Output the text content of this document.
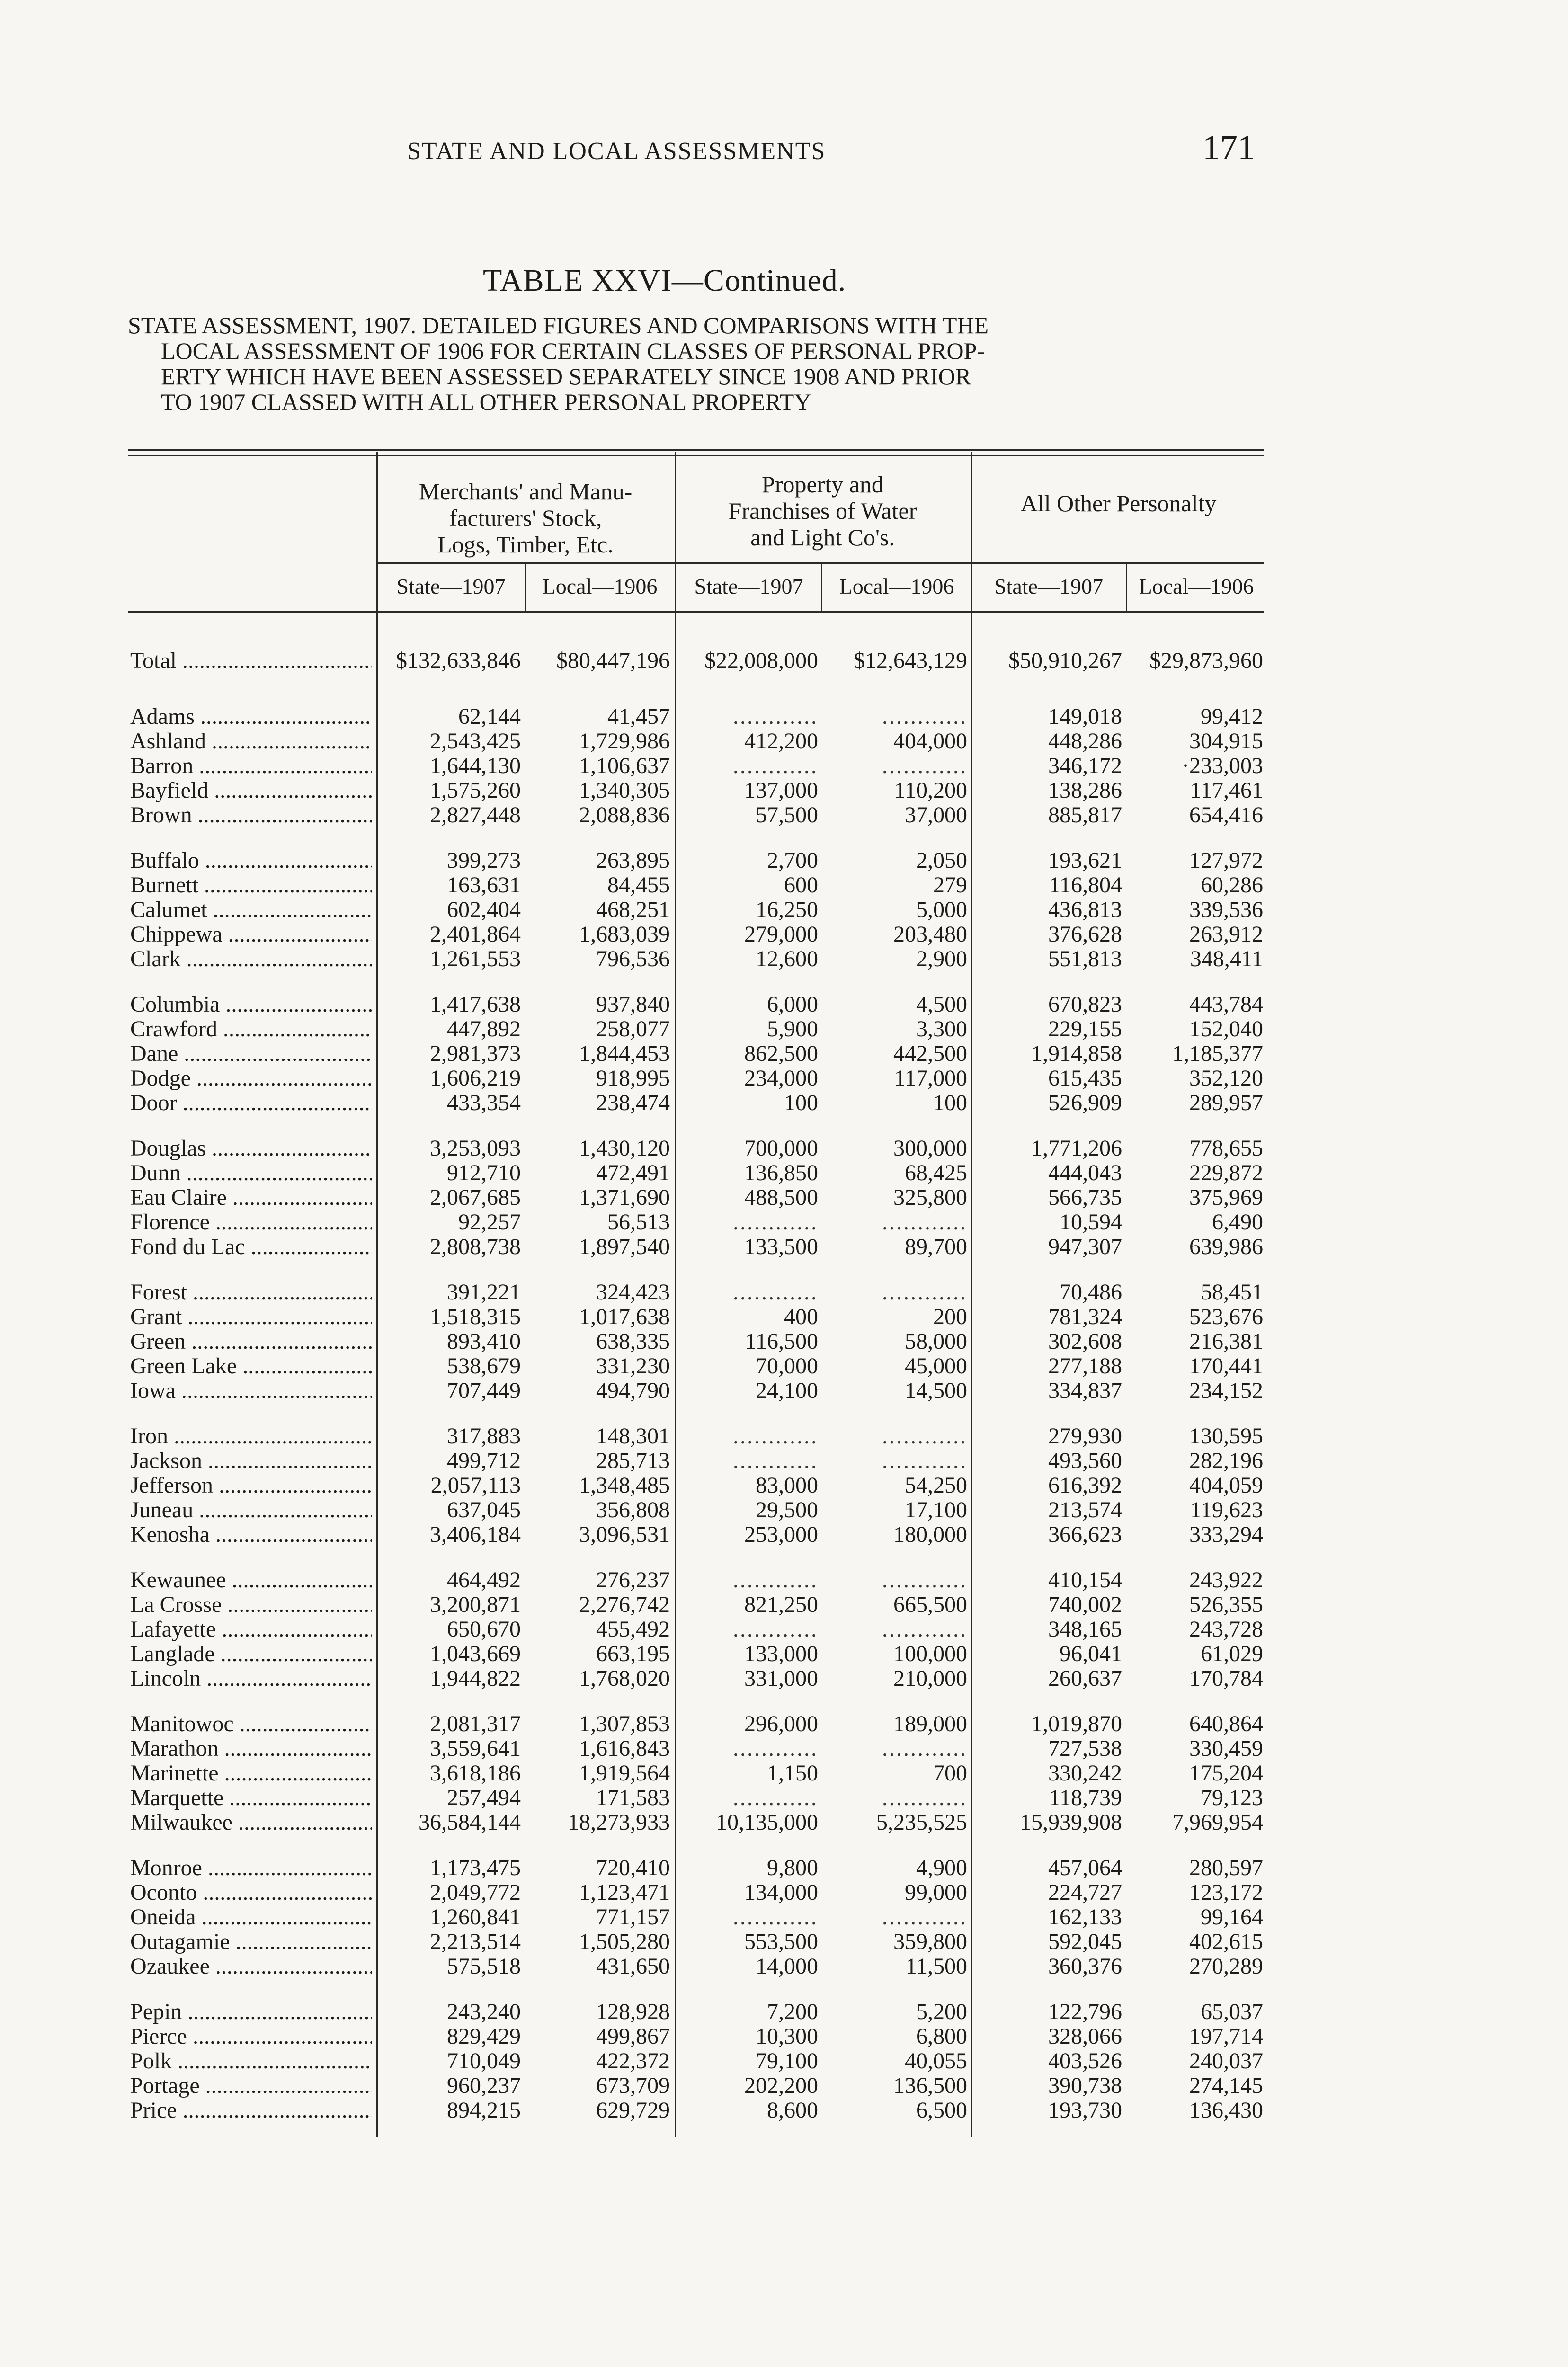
STATE AND LOCAL ASSESSMENTS	171
TABLE XXVI—Continued.
STATE ASSESSMENT, 1907. DETAILED FIGURES AND COMPARISONS WITH THE
LOCAL ASSESSMENT OF 1906 FOR CERTAIN CLASSES OF PERSONAL PROP-
ERTY WHICH HAVE BEEN ASSESSED SEPARATELY SINCE 1908 AND PRIOR
TO 1907 CLASSED WITH ALL OTHER PERSONAL PROPERTY
Merchants' and Manu-
facturers' Stock,
Logs, Timber, Etc.
Property and
Franchises of Water
and Light Co's.
All Other Personalty
State—1907	Local—1906	State—1907	Local—1906	State—1907	Local—1906
Total .....	$132,633,846 $80,447,196 $22,008,000 $12,643,129 $50,910,267 $29,873,960
Adams .....	62,144	41,457	............	............	149,018	99,412
Ashland .....	2,543,425	1,729,986	412,200	404,000	448,286	304,915
Barron .....	1,644,130	1,106,637	............	............	346,172	·233,003
Bayfield .....	1,575,260	1,340,305	137,000	110,200	138,286	117,461
Brown .....	2,827,448	2,088,836	57,500	37,000	885,817	654,416
Buffalo .....	399,273	263,895	2,700	2,050	193,621	127,972
Burnett .....	163,631	84,455	600	279	116,804	60,286
Calumet .....	602,404	468,251	16,250	5,000	436,813	339,536
Chippewa .....	2,401,864	1,683,039	279,000	203,480	376,628	263,912
Clark .....	1,261,553	796,536	12,600	2,900	551,813	348,411
Columbia .....	1,417,638	937,840	6,000	4,500	670,823	443,784
Crawford .....	447,892	258,077	5,900	3,300	229,155	152,040
Dane .....	2,981,373	1,844,453	862,500	442,500	1,914,858 1,185,377
Dodge .....	1,606,219	918,995	234,000	117,000	615,435	352,120
Door .....	433,354	238,474	100	100	526,909	289,957
Douglas .....	3,253,093	1,430,120	700,000	300,000	1,771,206	778,655
Dunn .....	912,710	472,491	136,850	68,425	444,043	229,872
Eau Claire .....	2,067,685	1,371,690	488,500	325,800	566,735	375,969
Florence .....	92,257	56,513	............	............	10,594	6,490
Fond du Lac .....	2,808,738	1,897,540	133,500	89,700	947,307	639,986
Forest .....	391,221	324,423	............	............	70,486	58,451
Grant .....	1,518,315	1,017,638	400	200	781,324	523,676
Green .....	893,410	638,335	116,500	58,000	302,608	216,381
Green Lake .....	538,679	331,230	70,000	45,000	277,188	170,441
Iowa .....	707,449	494,790	24,100	14,500	334,837	234,152
Iron .....	317,883	148,301	............	............	279,930	130,595
Jackson .....	499,712	285,713	............	............	493,560	282,196
Jefferson .....	2,057,113	1,348,485	83,000	54,250	616,392	404,059
Juneau .....	637,045	356,808	29,500	17,100	213,574	119,623
Kenosha .....	3,406,184	3,096,531	253,000	180,000	366,623	333,294
Kewaunee .....	464,492	276,237	............	............	410,154	243,922
La Crosse .....	3,200,871	2,276,742	821,250	665,500	740,002	526,355
Lafayette .....	650,670	455,492	............	............	348,165	243,728
Langlade .....	1,043,669	663,195	133,000	100,000	96,041	61,029
Lincoln .....	1,944,822	1,768,020	331,000	210,000	260,637	170,784
Manitowoc .....	2,081,317	1,307,853	296,000	189,000	1,019,870	640,864
Marathon .....	3,559,641	1,616,843	............	............	727,538	330,459
Marinette .....	3,618,186	1,919,564	1,150	700	330,242	175,204
Marquette .....	257,494	171,583	............	............	118,739	79,123
Milwaukee .....	36,584,144 18,273,933 10,135,000	5,235,525 15,939,908 7,969,954
Monroe .....	1,173,475	720,410	9,800	4,900	457,064	280,597
Oconto .....	2,049,772	1,123,471	134,000	99,000	224,727	123,172
Oneida .....	1,260,841	771,157	............	............	162,133	99,164
Outagamie .....	2,213,514	1,505,280	553,500	359,800	592,045	402,615
Ozaukee .....	575,518	431,650	14,000	11,500	360,376	270,289
Pepin .....	243,240	128,928	7,200	5,200	122,796	65,037
Pierce .....	829,429	499,867	10,300	6,800	328,066	197,714
Polk .....	710,049	422,372	79,100	40,055	403,526	240,037
Portage .....	960,237	673,709	202,200	136,500	390,738	274,145
Price .....	894,215	629,729	8,600	6,500	193,730	136,430
